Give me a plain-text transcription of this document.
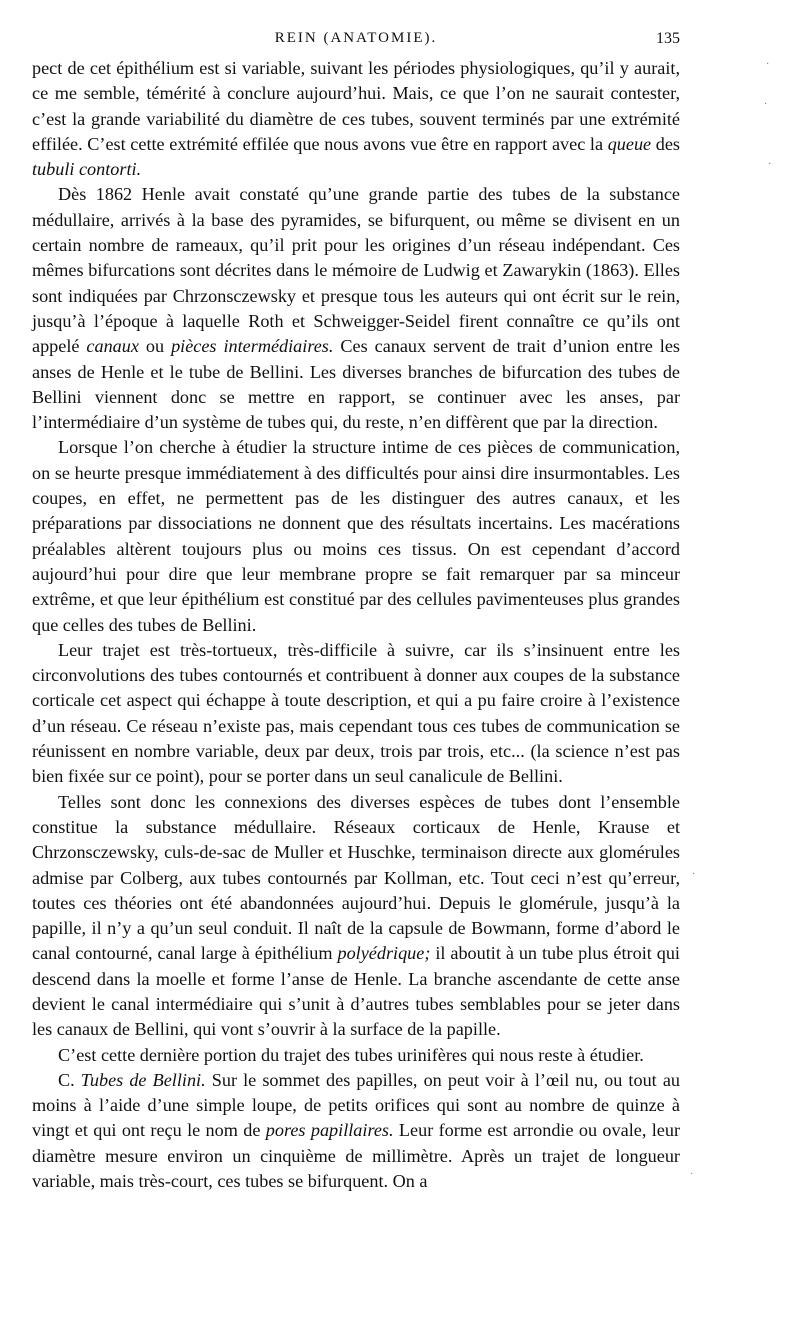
REIN (ANATOMIE).	135

pect de cet épithélium est si variable, suivant les périodes physiologiques, qu’il y aurait, ce me semble, témérité à conclure aujourd’hui. Mais, ce que l’on ne saurait contester, c’est la grande variabilité du diamètre de ces tubes, souvent terminés par une extrémité effilée. C’est cette extrémité effilée que nous avons vue être en rapport avec la queue des tubuli contorti.

Dès 1862 Henle avait constaté qu’une grande partie des tubes de la substance médullaire, arrivés à la base des pyramides, se bifurquent, ou même se divisent en un certain nombre de rameaux, qu’il prit pour les origines d’un réseau indépendant. Ces mêmes bifurcations sont décrites dans le mémoire de Ludwig et Zawarykin (1863). Elles sont indiquées par Chrzonsczewsky et presque tous les auteurs qui ont écrit sur le rein, jusqu’à l’époque à laquelle Roth et Schweigger-Seidel firent connaître ce qu’ils ont appelé canaux ou pièces intermédiaires. Ces canaux servent de trait d’union entre les anses de Henle et le tube de Bellini. Les diverses branches de bifurcation des tubes de Bellini viennent donc se mettre en rapport, se continuer avec les anses, par l’intermédiaire d’un système de tubes qui, du reste, n’en diffèrent que par la direction.

Lorsque l’on cherche à étudier la structure intime de ces pièces de communication, on se heurte presque immédiatement à des difficultés pour ainsi dire insurmontables. Les coupes, en effet, ne permettent pas de les distinguer des autres canaux, et les préparations par dissociations ne donnent que des résultats incertains. Les macérations préalables altèrent toujours plus ou moins ces tissus. On est cependant d’accord aujourd’hui pour dire que leur membrane propre se fait remarquer par sa minceur extrême, et que leur épithélium est constitué par des cellules pavimenteuses plus grandes que celles des tubes de Bellini.

Leur trajet est très-tortueux, très-difficile à suivre, car ils s’insinuent entre les circonvolutions des tubes contournés et contribuent à donner aux coupes de la substance corticale cet aspect qui échappe à toute description, et qui a pu faire croire à l’existence d’un réseau. Ce réseau n’existe pas, mais cependant tous ces tubes de communication se réunissent en nombre variable, deux par deux, trois par trois, etc... (la science n’est pas bien fixée sur ce point), pour se porter dans un seul canalicule de Bellini.

Telles sont donc les connexions des diverses espèces de tubes dont l’ensemble constitue la substance médullaire. Réseaux corticaux de Henle, Krause et Chrzonsczewsky, culs-de-sac de Muller et Huschke, terminaison directe aux glomérules admise par Colberg, aux tubes contournés par Kollman, etc. Tout ceci n’est qu’erreur, toutes ces théories ont été abandonnées aujourd’hui. Depuis le glomérule, jusqu’à la papille, il n’y a qu’un seul conduit. Il naît de la capsule de Bowmann, forme d’abord le canal contourné, canal large à épithélium polyédrique; il aboutit à un tube plus étroit qui descend dans la moelle et forme l’anse de Henle. La branche ascendante de cette anse devient le canal intermédiaire qui s’unit à d’autres tubes semblables pour se jeter dans les canaux de Bellini, qui vont s’ouvrir à la surface de la papille.

C’est cette dernière portion du trajet des tubes urinifères qui nous reste à étudier.

C. Tubes de Bellini. Sur le sommet des papilles, on peut voir à l’œil nu, ou tout au moins à l’aide d’une simple loupe, de petits orifices qui sont au nombre de quinze à vingt et qui ont reçu le nom de pores papillaires. Leur forme est arrondie ou ovale, leur diamètre mesure environ un cinquième de millimètre. Après un trajet de longueur variable, mais très-court, ces tubes se bifurquent. On a

·
·
·
·
·
